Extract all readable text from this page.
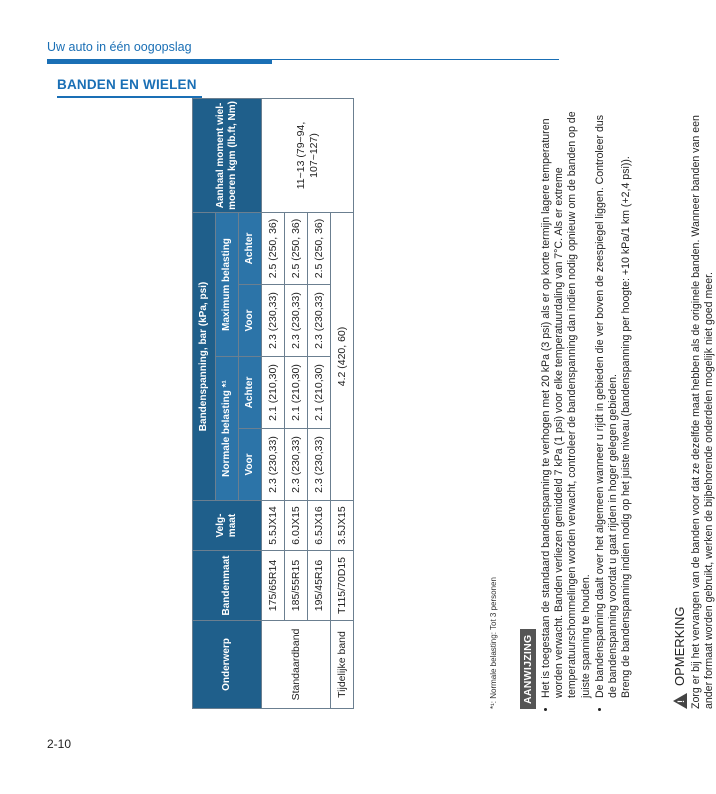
Uw auto in één oogopslag
BANDEN EN WIELEN
2-10
Onderwerp	Bandenmaat	Velg-maat	Bandenspanning, bar (kPa, psi)				Aanhaal moment wiel-moeren kgm (lb.ft, Nm)
			Normale belasting *¹		Maximum belasting		
			Voor	Achter	Voor	Achter	
Standaardband	175/65R14	5.5JX14	2.3 (230,33)	2.1 (210,30)	2.3 (230,33)	2.5 (250, 36)	11~13 (79~94, 107~127)
	185/55R15	6.0JX15	2.3 (230,33)	2.1 (210,30)	2.3 (230,33)	2.5 (250, 36)	
	195/45R16	6.5JX16	2.3 (230,33)	2.1 (210,30)	2.3 (230,33)	2.5 (250, 36)	
Tijdelijke band	T115/70D15	3.5JX15	4.2 (420, 60)				
*¹: Normale belasting: Tot 3 personen	AANWIJZING • Het is toegestaan de standaard bandenspanning te verhogen met 20 kPa (3 psi) als er op korte termijn lagere temperaturen worden verwacht. Banden verliezen gemiddeld 7 kPa (1 psi) voor elke temperatuurdaling van 7°C. Als er extreme temperatuurschommelingen worden verwacht, controleer de bandenspanning dan indien nodig opnieuw om de banden op de juiste spanning te houden. • De bandenspanning daalt over het algemeen wanneer u rijdt in gebieden die ver boven de zeespiegel liggen. Controleer dus de bandenspanning voordat u gaat rijden in hoger gelegen gebieden. Breng de bandenspanning indien nodig op het juiste niveau (bandenspanning per hoogte: +10 kPa/1 km (+2,4 psi)).
!
OPMERKING Zorg er bij het vervangen van de banden voor dat ze dezelfde maat hebben als de originele banden. Wanneer banden van een ander formaat worden gebruikt, werken de bijbehorende onderdelen mogelijk niet goed meer.
